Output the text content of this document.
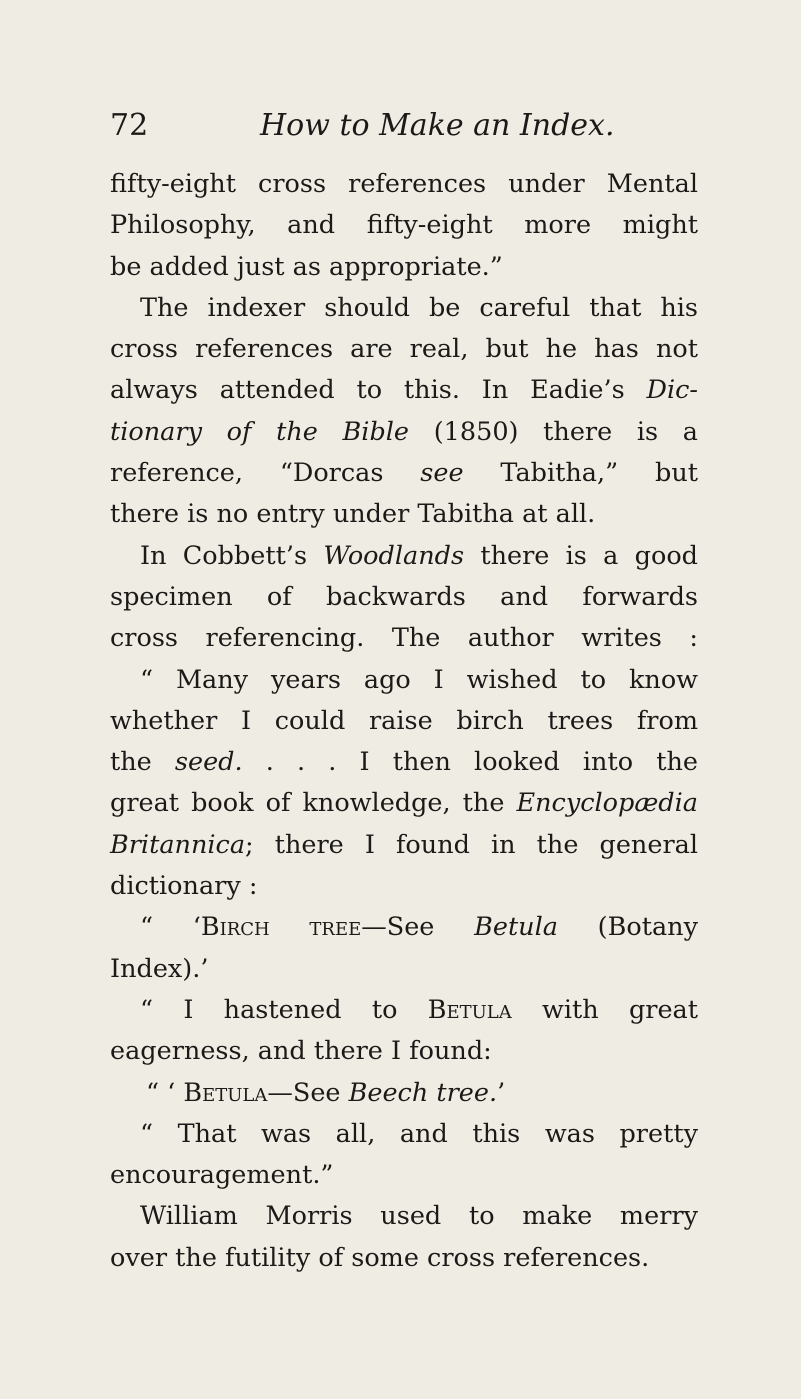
72	How to Make an Index.
fifty-eight cross references under Mental
Philosophy, and fifty-eight more might
be added just as appropriate.”
The indexer should be careful that his
cross references are real, but he has not
always attended to this. In Eadie’s Dic-
tionary of the Bible (1850) there is a
reference, “Dorcas see Tabitha,” but
there is no entry under Tabitha at all.
In Cobbett’s Woodlands there is a good
specimen of backwards and forwards
cross referencing. The author writes :
“ Many years ago I wished to know
whether I could raise birch trees from
the seed. . . . I then looked into the
great book of knowledge, the Encyclopædia
Britannica; there I found in the general
dictionary :
“ ‘Birch tree—See Betula (Botany
Index).’
“ I hastened to Betula with great
eagerness, and there I found:
“ ‘ Betula—See Beech tree.’
“ That was all, and this was pretty
encouragement.”
William Morris used to make merry
over the futility of some cross references.
